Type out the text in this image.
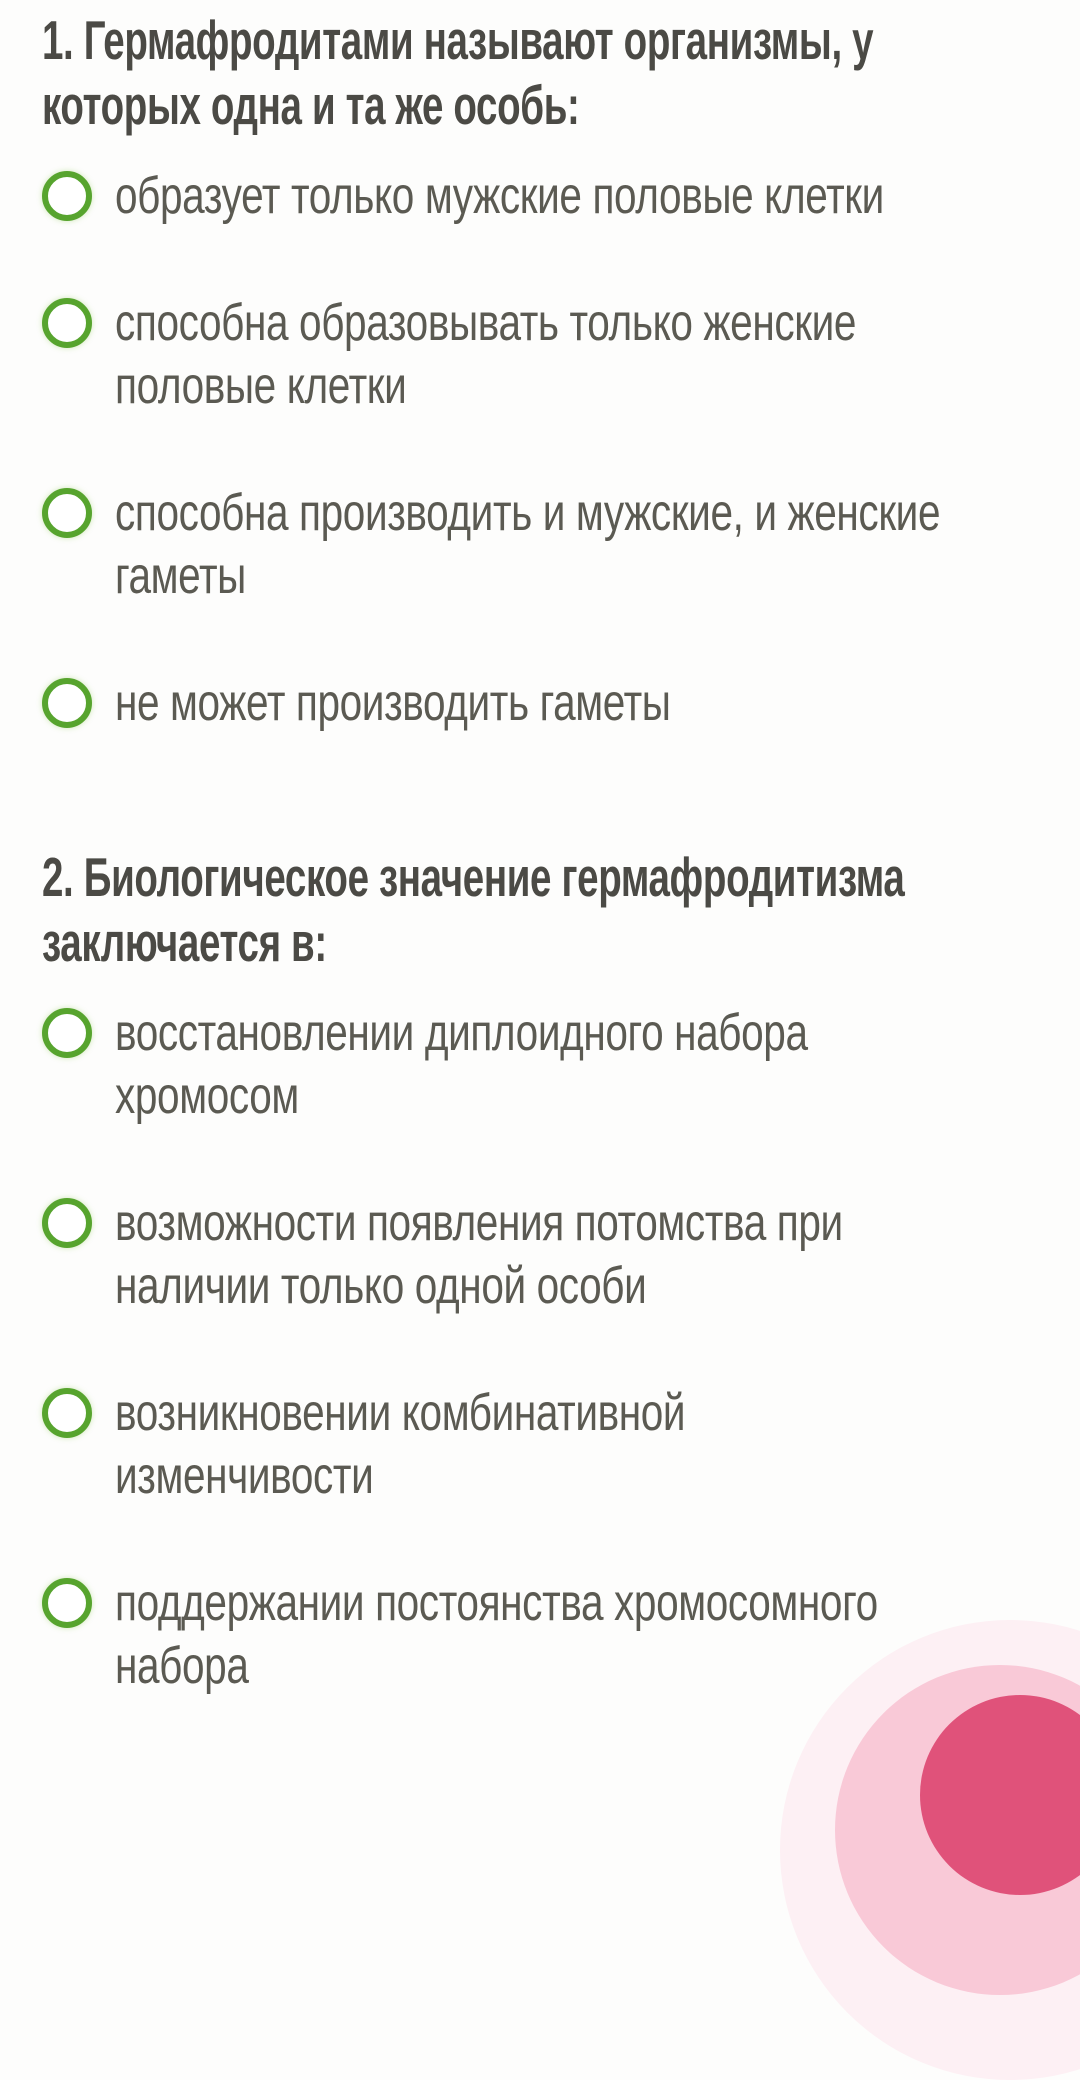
1. Гермафродитами называют организмы, у
которых одна и та же особь:
образует только мужские половые клетки
способна образовывать только женские
половые клетки
способна производить и мужские, и женские
гаметы
не может производить гаметы
2. Биологическое значение гермафродитизма
заключается в:
восстановлении диплоидного набора
хромосом
возможности появления потомства при
наличии только одной особи
возникновении комбинативной
изменчивости
поддержании постоянства хромосомного
набора
